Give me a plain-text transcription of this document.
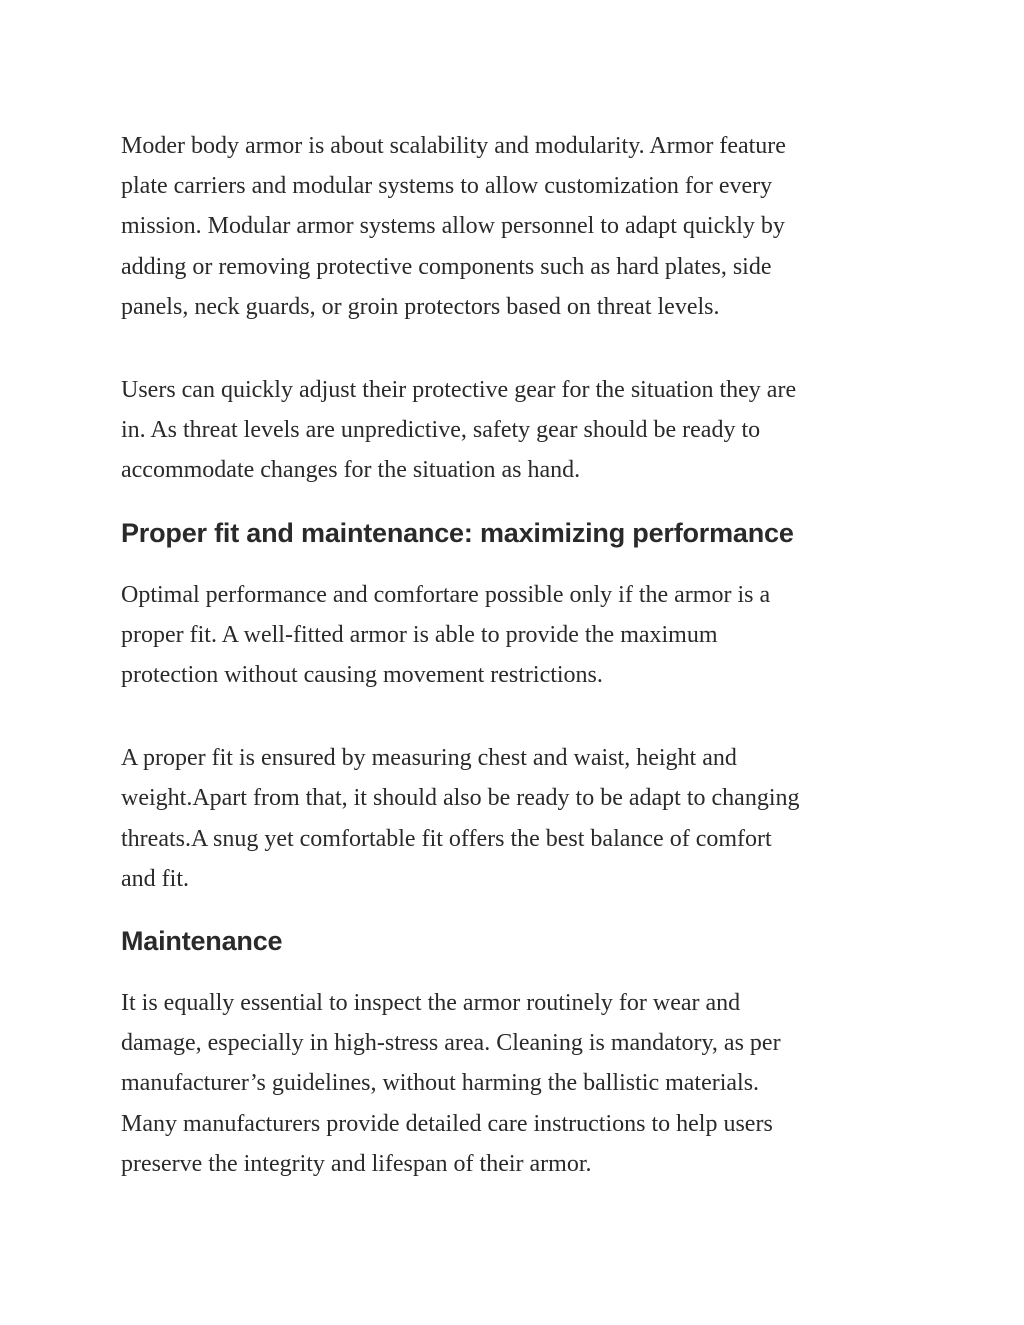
Moder body armor is about scalability and modularity. Armor feature
plate carriers and modular systems to allow customization for every
mission. Modular armor systems allow personnel to adapt quickly by
adding or removing protective components such as hard plates, side
panels, neck guards, or groin protectors based on threat levels.

Users can quickly adjust their protective gear for the situation they are
in. As threat levels are unpredictive, safety gear should be ready to
accommodate changes for the situation as hand.

Proper fit and maintenance: maximizing performance

Optimal performance and comfortare possible only if the armor is a
proper fit. A well-fitted armor is able to provide the maximum
protection without causing movement restrictions.

A proper fit is ensured by measuring chest and waist, height and
weight.Apart from that, it should also be ready to be adapt to changing
threats.A snug yet comfortable fit offers the best balance of comfort
and fit.

Maintenance

It is equally essential to inspect the armor routinely for wear and
damage, especially in high-stress area. Cleaning is mandatory, as per
manufacturer’s guidelines, without harming the ballistic materials.
Many manufacturers provide detailed care instructions to help users
preserve the integrity and lifespan of their armor.
